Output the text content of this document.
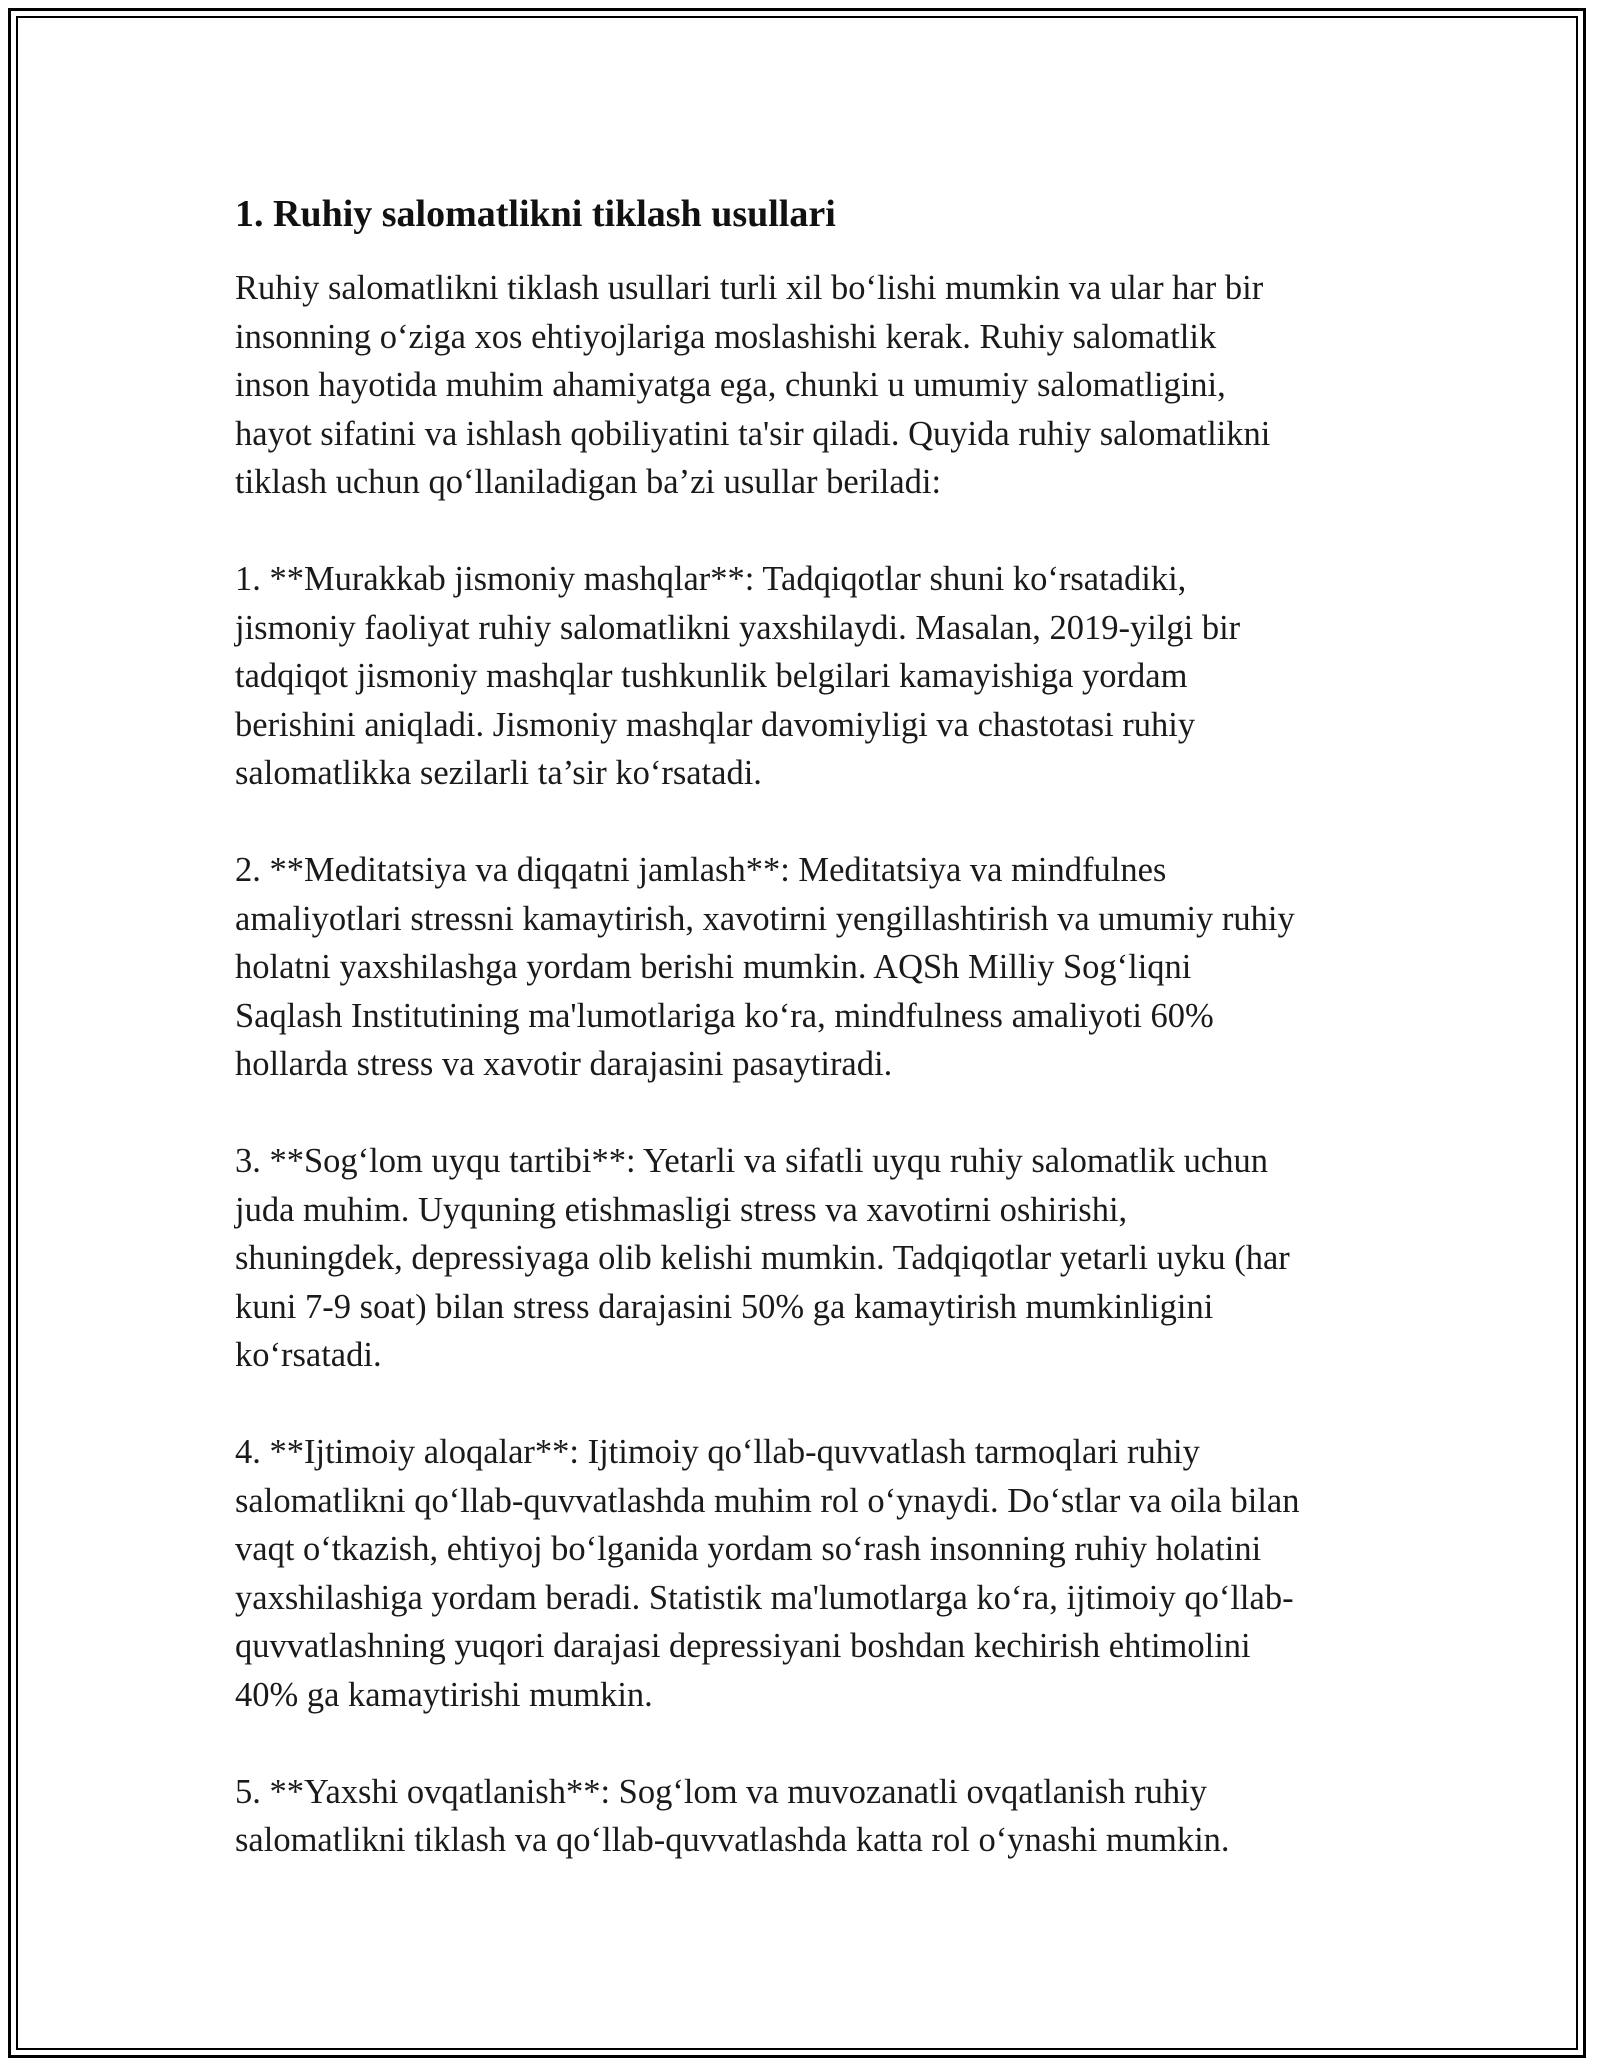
1. Ruhiy salomatlikni tiklash usullari
Ruhiy salomatlikni tiklash usullari turli xil bo‘lishi mumkin va ular har bir
insonning o‘ziga xos ehtiyojlariga moslashishi kerak. Ruhiy salomatlik
inson hayotida muhim ahamiyatga ega, chunki u umumiy salomatligini,
hayot sifatini va ishlash qobiliyatini ta'sir qiladi. Quyida ruhiy salomatlikni
tiklash uchun qo‘llaniladigan ba’zi usullar beriladi:
1. **Murakkab jismoniy mashqlar**: Tadqiqotlar shuni ko‘rsatadiki,
jismoniy faoliyat ruhiy salomatlikni yaxshilaydi. Masalan, 2019-yilgi bir
tadqiqot jismoniy mashqlar tushkunlik belgilari kamayishiga yordam
berishini aniqladi. Jismoniy mashqlar davomiyligi va chastotasi ruhiy
salomatlikka sezilarli ta’sir ko‘rsatadi.
2. **Meditatsiya va diqqatni jamlash**: Meditatsiya va mindfulnes
amaliyotlari stressni kamaytirish, xavotirni yengillashtirish va umumiy ruhiy
holatni yaxshilashga yordam berishi mumkin. AQSh Milliy Sog‘liqni
Saqlash Institutining ma'lumotlariga ko‘ra, mindfulness amaliyoti 60%
hollarda stress va xavotir darajasini pasaytiradi.
3. **Sog‘lom uyqu tartibi**: Yetarli va sifatli uyqu ruhiy salomatlik uchun
juda muhim. Uyquning etishmasligi stress va xavotirni oshirishi,
shuningdek, depressiyaga olib kelishi mumkin. Tadqiqotlar yetarli uyku (har
kuni 7-9 soat) bilan stress darajasini 50% ga kamaytirish mumkinligini
ko‘rsatadi.
4. **Ijtimoiy aloqalar**: Ijtimoiy qo‘llab-quvvatlash tarmoqlari ruhiy
salomatlikni qo‘llab-quvvatlashda muhim rol o‘ynaydi. Do‘stlar va oila bilan
vaqt o‘tkazish, ehtiyoj bo‘lganida yordam so‘rash insonning ruhiy holatini
yaxshilashiga yordam beradi. Statistik ma'lumotlarga ko‘ra, ijtimoiy qo‘llab-
quvvatlashning yuqori darajasi depressiyani boshdan kechirish ehtimolini
40% ga kamaytirishi mumkin.
5. **Yaxshi ovqatlanish**: Sog‘lom va muvozanatli ovqatlanish ruhiy
salomatlikni tiklash va qo‘llab-quvvatlashda katta rol o‘ynashi mumkin.
